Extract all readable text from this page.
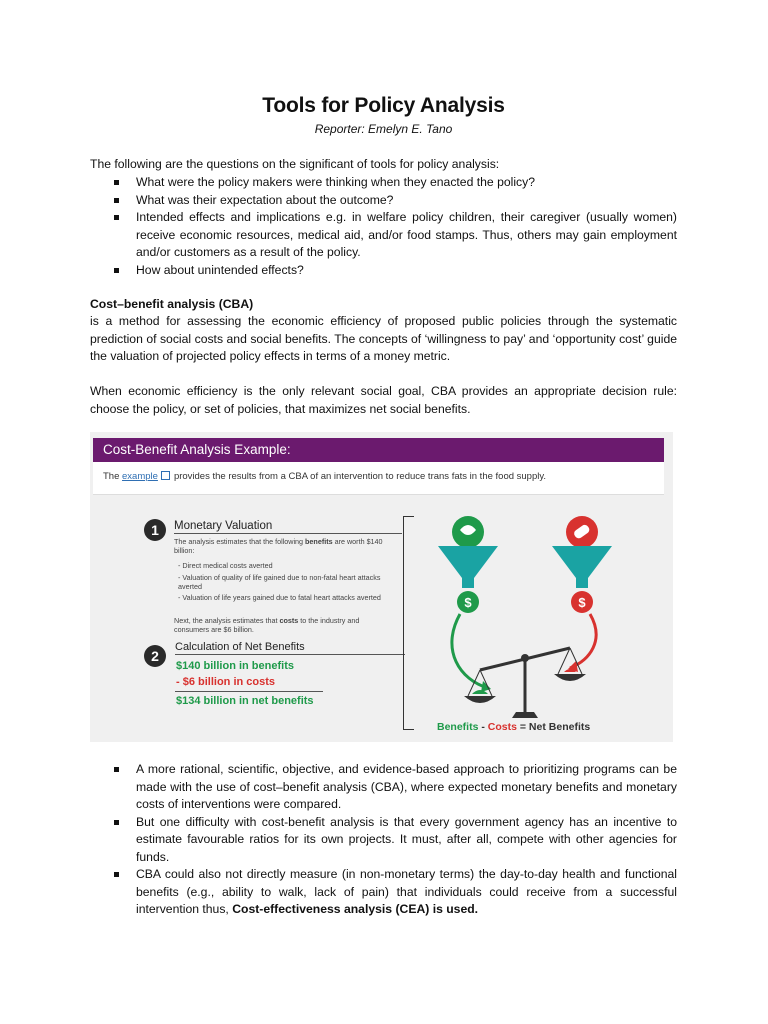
Tools for Policy Analysis
Reporter: Emelyn E. Tano

The following are the questions on the significant of tools for policy analysis:

What were the policy makers were thinking when they enacted the policy?
What was their expectation about the outcome?
Intended effects and implications e.g. in welfare policy children, their caregiver (usually women) receive economic resources, medical aid, and/or food stamps. Thus, others may gain employment and/or customers as a result of the policy.
How about unintended effects?
Cost–benefit analysis (CBA)

is a method for assessing the economic efficiency of proposed public policies through the systematic prediction of social costs and social benefits. The concepts of ‘willingness to pay’ and ‘opportunity cost’ guide the valuation of projected policy effects in terms of a money metric.

When economic efficiency is the only relevant social goal, CBA provides an appropriate decision rule: choose the policy, or set of policies, that maximizes net social benefits.

A more rational, scientific, objective, and evidence-based approach to prioritizing programs can be made with the use of cost–benefit analysis (CBA), where expected monetary benefits and monetary costs of interventions were compared.
But one difficulty with cost-benefit analysis is that every government agency has an incentive to estimate favourable ratios for its own projects. It must, after all, compete with other agencies for funds.
CBA could also not directly measure (in non-monetary terms) the day-to-day health and functional benefits (e.g., ability to walk, lack of pain) that individuals could receive from a successful intervention thus, Cost-effectiveness analysis (CEA) is used.
Cost-Benefit Analysis Example:
The example provides the results from a CBA of an intervention to reduce trans fats in the food supply.
1	Monetary Valuation
The analysis estimates that the following benefits are worth $140 billion:
- Direct medical costs averted
- Valuation of quality of life gained due to non-fatal heart attacks averted
- Valuation of life years gained due to fatal heart attacks averted
Next, the analysis estimates that costs to the industry and consumers are $6 billion.
2
Calculation of Net Benefits
$140 billion in benefits
- $6 billion in costs
$134 billion in net benefits
$	$
Benefits - Costs = Net Benefits
